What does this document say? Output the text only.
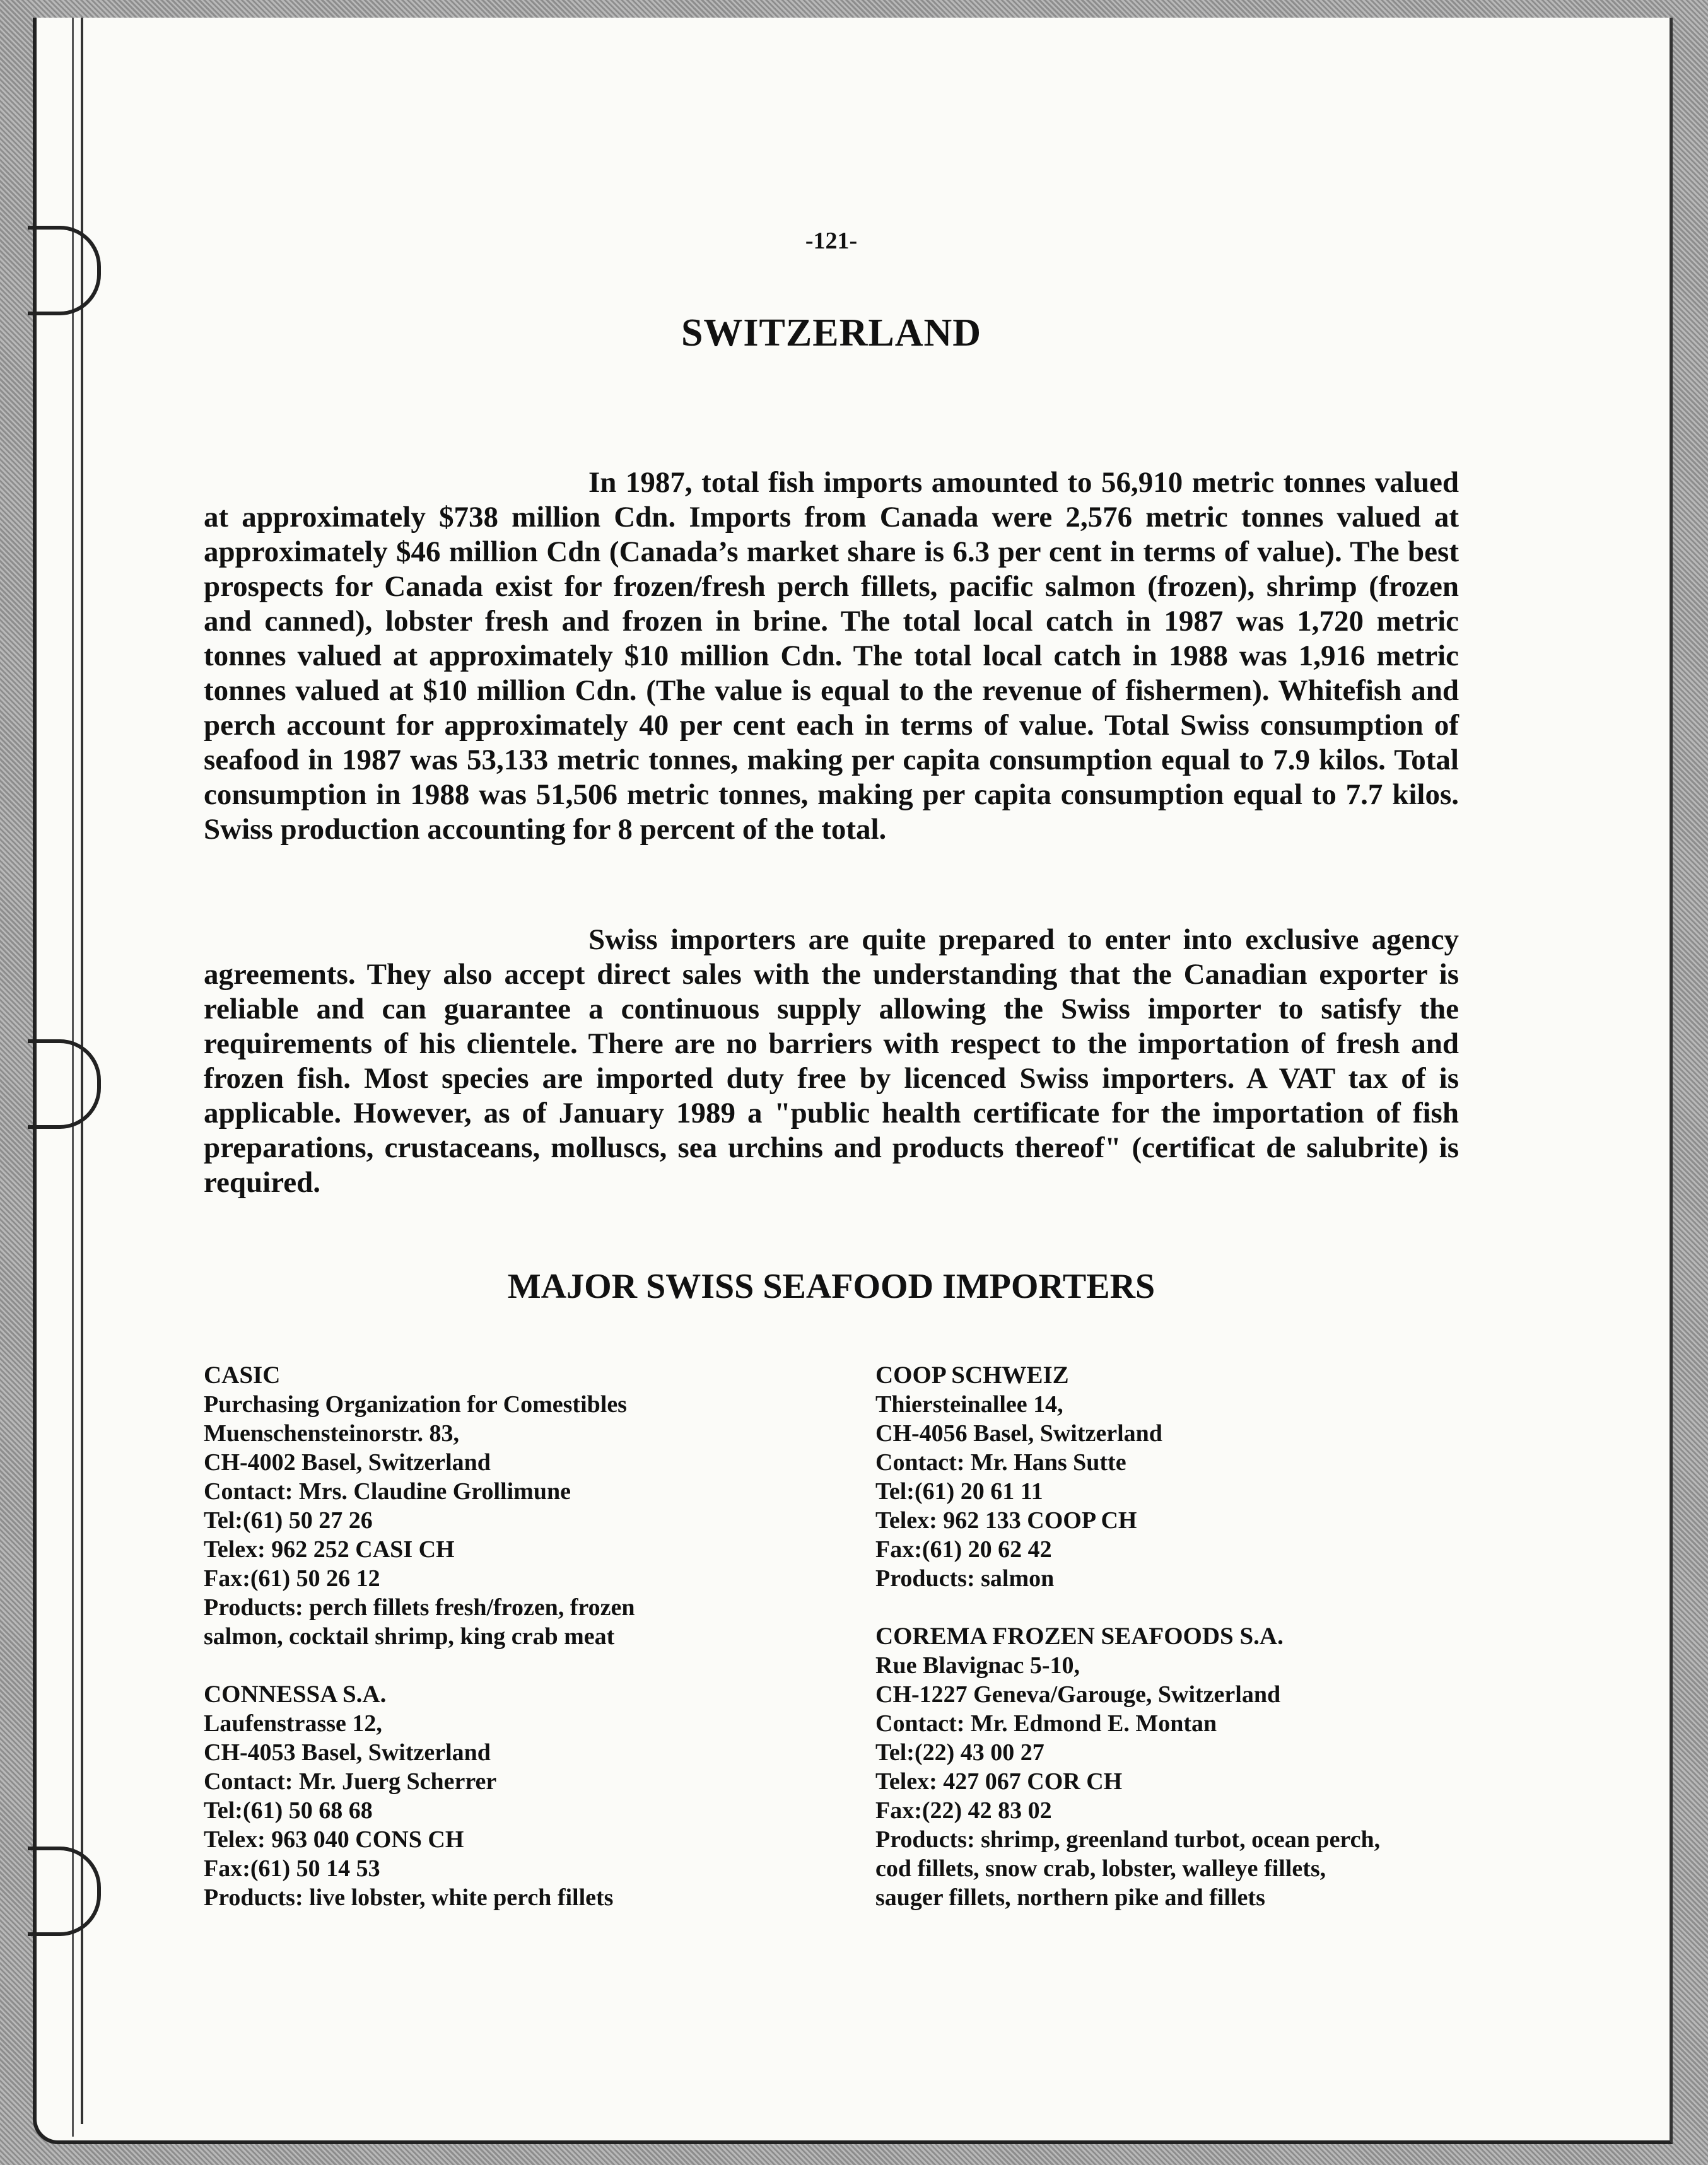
-121-

SWITZERLAND

In 1987, total fish imports amounted to 56,910 metric tonnes valued at approximately $738 million Cdn. Imports from Canada were 2,576 metric tonnes valued at approximately $46 million Cdn (Canada’s market share is 6.3 per cent in terms of value). The best prospects for Canada exist for frozen/fresh perch fillets, pacific salmon (frozen), shrimp (frozen and canned), lobster fresh and frozen in brine. The total local catch in 1987 was 1,720 metric tonnes valued at approximately $10 million Cdn. The total local catch in 1988 was 1,916 metric tonnes valued at $10 million Cdn. (The value is equal to the revenue of fishermen). Whitefish and perch account for approximately 40 per cent each in terms of value. Total Swiss consumption of seafood in 1987 was 53,133 metric tonnes, making per capita consumption equal to 7.9 kilos. Total consumption in 1988 was 51,506 metric tonnes, making per capita consumption equal to 7.7 kilos. Swiss production accounting for 8 percent of the total.

Swiss importers are quite prepared to enter into exclusive agency agreements. They also accept direct sales with the understanding that the Canadian exporter is reliable and can guarantee a continuous supply allowing the Swiss importer to satisfy the requirements of his clientele. There are no barriers with respect to the importation of fresh and frozen fish. Most species are imported duty free by licenced Swiss importers. A VAT tax of is applicable. However, as of January 1989 a "public health certificate for the importation of fish preparations, crustaceans, molluscs, sea urchins and products thereof" (certificat de salubrite) is required.

MAJOR SWISS SEAFOOD IMPORTERS
CASIC
Purchasing Organization for Comestibles
Muenschensteinorstr. 83,
CH-4002 Basel, Switzerland
Contact: Mrs. Claudine Grollimune
Tel:(61) 50 27 26
Telex: 962 252 CASI CH
Fax:(61) 50 26 12
Products: perch fillets fresh/frozen, frozen
salmon, cocktail shrimp, king crab meat
CONNESSA S.A.
Laufenstrasse 12,
CH-4053 Basel, Switzerland
Contact: Mr. Juerg Scherrer
Tel:(61) 50 68 68
Telex: 963 040 CONS CH
Fax:(61) 50 14 53
Products: live lobster, white perch fillets
COOP SCHWEIZ
Thiersteinallee 14,
CH-4056 Basel, Switzerland
Contact: Mr. Hans Sutte
Tel:(61) 20 61 11
Telex: 962 133 COOP CH
Fax:(61) 20 62 42
Products: salmon
COREMA FROZEN SEAFOODS S.A.
Rue Blavignac 5-10,
CH-1227 Geneva/Garouge, Switzerland
Contact: Mr. Edmond E. Montan
Tel:(22) 43 00 27
Telex: 427 067 COR CH
Fax:(22) 42 83 02
Products: shrimp, greenland turbot, ocean perch,
cod fillets, snow crab, lobster, walleye fillets,
sauger fillets, northern pike and fillets
